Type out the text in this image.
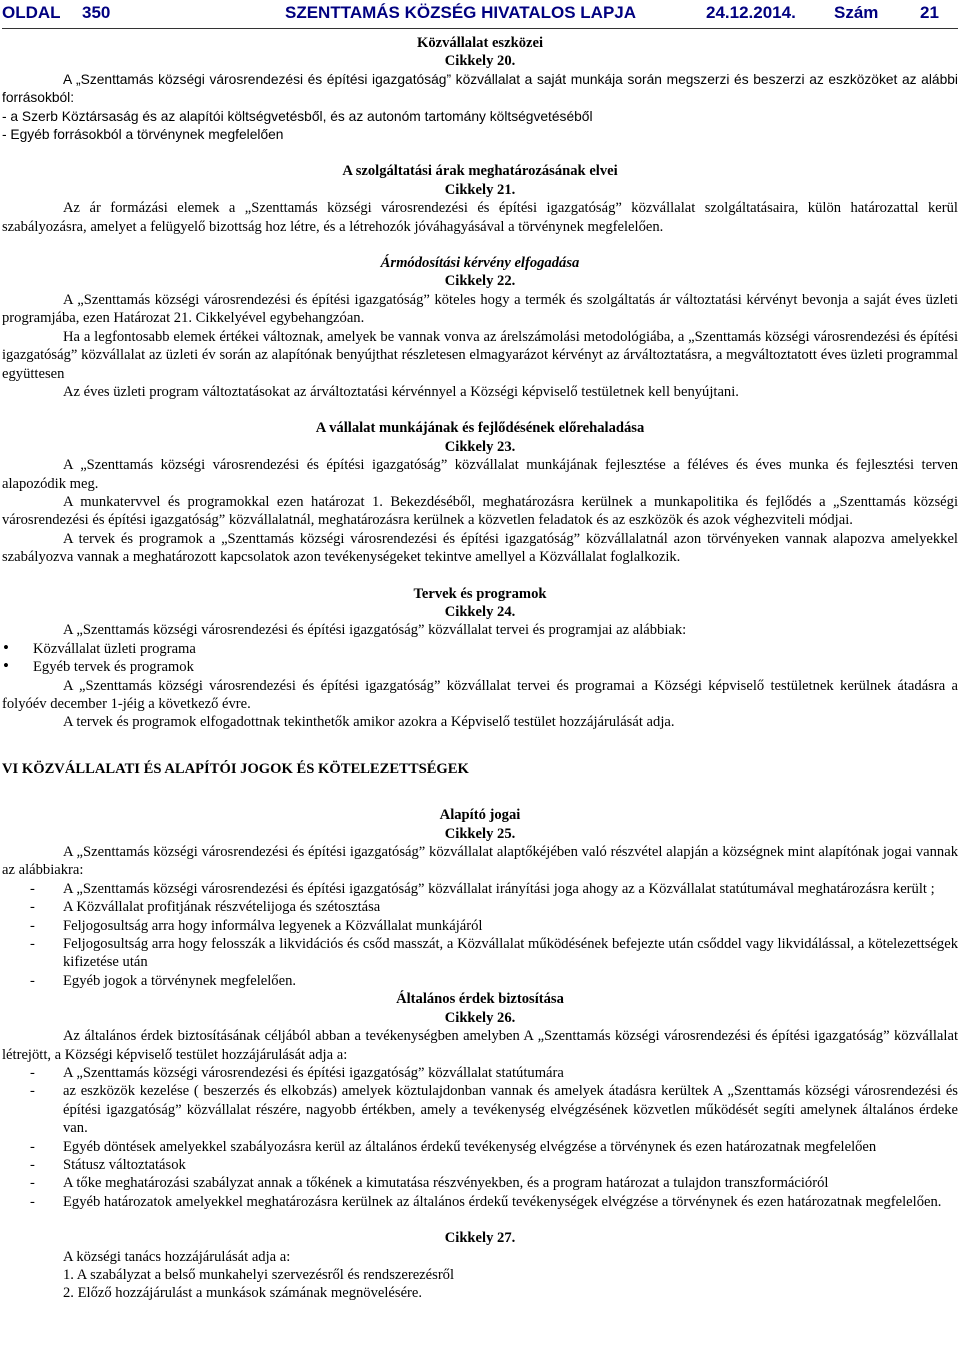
OLDAL 350	SZENTTAMÁS KÖZSÉG HIVATALOS LAPJA	24.12.2014. Szám 21

Közvállalat eszközei

Cikkely 20.

A „Szenttamás községi városrendezési és építési igazgatóság” közvállalat a saját munkája során megszerzi és beszerzi az eszközöket az alábbi forrásokból:

- a Szerb Köztársaság és az alapítói költségvetésből, és az autonóm tartomány költségvetéséből

- Egyéb forrásokból a törvénynek megfelelően

A szolgáltatási árak meghatározásának elvei

Cikkely 21.

Az ár formázási elemek a „Szenttamás községi városrendezési és építési igazgatóság” közvállalat szolgáltatásaira, külön határozattal kerül szabályozásra, amelyet a felügyelő bizottság hoz létre, és a létrehozók jóváhagyásával a törvénynek megfelelően.

Ármódosítási kérvény elfogadása

Cikkely 22.

A „Szenttamás községi városrendezési és építési igazgatóság” köteles hogy a termék és szolgáltatás ár változtatási kérvényt bevonja a saját éves üzleti programjába, ezen Határozat 21. Cikkelyével egybehangzóan.

Ha a legfontosabb elemek értékei változnak, amelyek be vannak vonva az árelszámolási metodológiába, a „Szenttamás községi városrendezési és építési igazgatóság” közvállalat az üzleti év során az alapítónak benyújthat részletesen elmagyarázot kérvényt az árváltoztatásra, a megváltoztatott éves üzleti programmal együttesen

Az éves üzleti program változtatásokat az árváltoztatási kérvénnyel a Községi képviselő testületnek kell benyújtani.

A vállalat munkájának és fejlődésének előrehaladása

Cikkely 23.

A „Szenttamás községi városrendezési és építési igazgatóság” közvállalat munkájának fejlesztése a féléves és éves munka és fejlesztési terven alapozódik meg.

A munkatervvel és programokkal ezen határozat 1. Bekezdéséből, meghatározásra kerülnek a munkapolitika és fejlődés a „Szenttamás községi városrendezési és építési igazgatóság” közvállalatnál, meghatározásra kerülnek a közvetlen feladatok és az eszközök és azok véghezviteli módjai.

A tervek és programok a „Szenttamás községi városrendezési és építési igazgatóság” közvállalatnál azon törvényeken vannak alapozva amelyekkel szabályozva vannak a meghatározott kapcsolatok azon tevékenységeket tekintve amellyel a Közvállalat foglalkozik.

Tervek és programok

Cikkely 24.

A „Szenttamás községi városrendezési és építési igazgatóság” közvállalat tervei és programjai az alábbiak:

• Közvállalat üzleti programa
• Egyéb tervek és programok

A „Szenttamás községi városrendezési és építési igazgatóság” közvállalat tervei és programai a Községi képviselő testületnek kerülnek átadásra a folyóév december 1-jéig a következő évre.

A tervek és programok elfogadottnak tekinthetők amikor azokra a Képviselő testület hozzájárulását adja.

VI KÖZVÁLLALATI ÉS ALAPÍTÓI JOGOK ÉS KÖTELEZETTSÉGEK

Alapító jogai

Cikkely 25.

A „Szenttamás községi városrendezési és építési igazgatóság” közvállalat alaptőkéjében való részvétel alapján a községnek mint alapítónak jogai vannak az alábbiakra:

- A „Szenttamás községi városrendezési és építési igazgatóság” közvállalat irányítási joga ahogy az a Közvállalat statútumával meghatározásra került ;
- A Közvállalat profitjának részvételijoga és szétosztása
- Feljogosultság arra hogy informálva legyenek a Közvállalat munkájáról
- Feljogosultság arra hogy felosszák a likvidációs és csőd masszát, a Közvállalat működésének befejezte után csőddel vagy likvidálással, a kötelezettségek kifizetése után
- Egyéb jogok a törvénynek megfelelően.

Általános érdek biztosítása

Cikkely 26.

Az általános érdek biztosításának céljából abban a tevékenységben amelyben A „Szenttamás községi városrendezési és építési igazgatóság” közvállalat létrejött, a Községi képviselő testület hozzájárulását adja a:

- A „Szenttamás községi városrendezési és építési igazgatóság” közvállalat statútumára
- az eszközök kezelése ( beszerzés és elkobzás) amelyek köztulajdonban vannak és amelyek átadásra kerültek A „Szenttamás községi városrendezési és építési igazgatóság” közvállalat részére, nagyobb értékben, amely a tevékenység elvégzésének közvetlen működését segíti amelynek általános érdeke van.
- Egyéb döntések amelyekkel szabályozásra kerül az általános érdekű tevékenység elvégzése a törvénynek és ezen határozatnak megfelelően
- Státusz változtatások
- A tőke meghatározási szabályzat annak a tőkének a kimutatása részvényekben, és a program határozat a tulajdon transzformációról
- Egyéb határozatok amelyekkel meghatározásra kerülnek az általános érdekű tevékenységek elvégzése a törvénynek és ezen határozatnak megfelelően.

Cikkely 27.

A községi tanács hozzájárulását adja a:

1. A szabályzat a belső munkahelyi szervezésről és rendszerezésről

2. Előző hozzájárulást a munkások számának megnövelésére.
